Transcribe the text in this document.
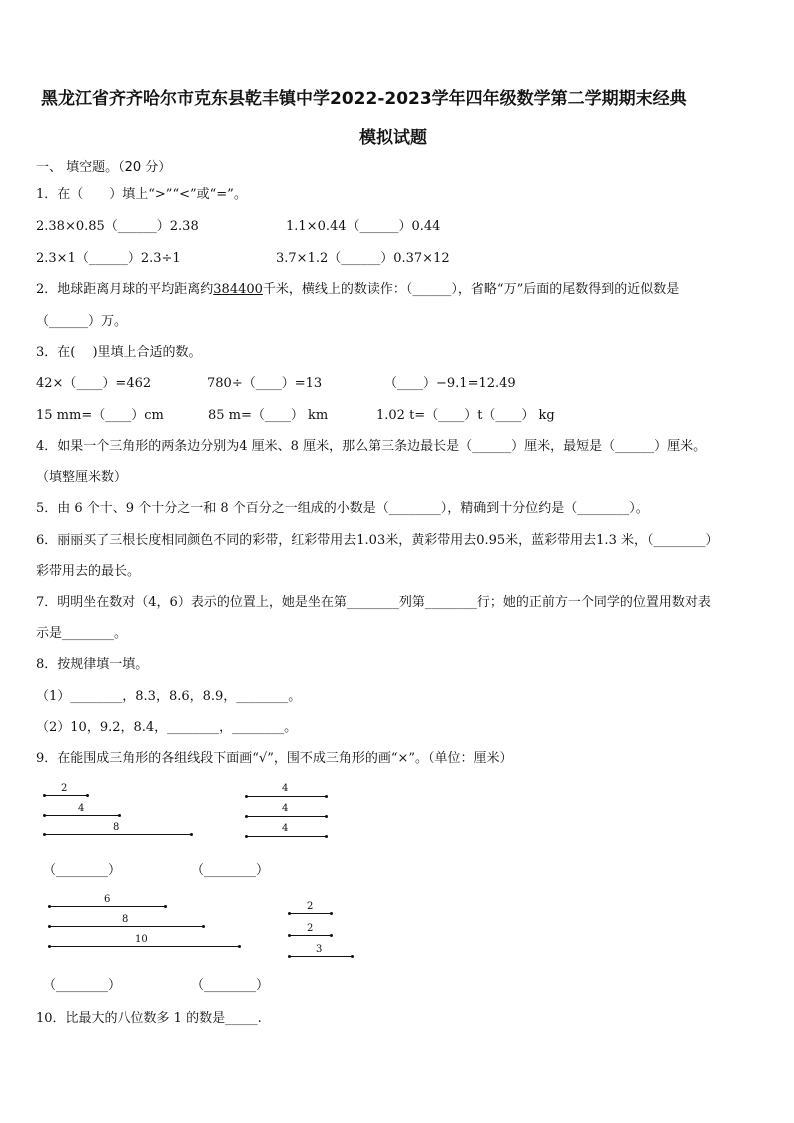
黑龙江省齐齐哈尔市克东县乾丰镇中学2022-2023学年四年级数学第二学期期末经典
模拟试题
一、 填空题。（20 分）
1．在（　　）填上“>”“<”或“=”。
2.38×0.85（______）2.38	1.1×0.44（______）0.44
2.3×1（______）2.3÷1	3.7×1.2（______）0.37×12
2．地球距离月球的平均距离约384400千米，横线上的数读作：（______），省略“万”后面的尾数得到的近似数是
（______）万。
3．在(　 )里填上合适的数。
42×（____）=462	780÷（____）=13	（____）−9.1=12.49
15 mm=（____）cm	85 m=（____） km	1.02 t=（____）t（____） kg
4．如果一个三角形的两条边分别为4 厘米、8 厘米，那么第三条边最长是（______）厘米，最短是（______）厘米。
（填整厘米数）
5．由 6 个十、9 个十分之一和 8 个百分之一组成的小数是（________），精确到十分位约是（________）。
6．丽丽买了三根长度相同颜色不同的彩带，红彩带用去1.03米，黄彩带用去0.95米，蓝彩带用去1.3 米，（________）
彩带用去的最长。
7．明明坐在数对（4，6）表示的位置上，她是坐在第________列第________行；她的正前方一个同学的位置用数对表
示是________。
8．按规律填一填。
（1）________，8.3，8.6，8.9，________。
（2）10，9.2，8.4，________，________。
9．在能围成三角形的各组线段下面画“√”，围不成三角形的画“×”。（单位：厘米）
2
4
8
4
4
4
（________）	（________）
6
8
10
2
2
3
（________）	（________）
10．比最大的八位数多 1 的数是_____.
